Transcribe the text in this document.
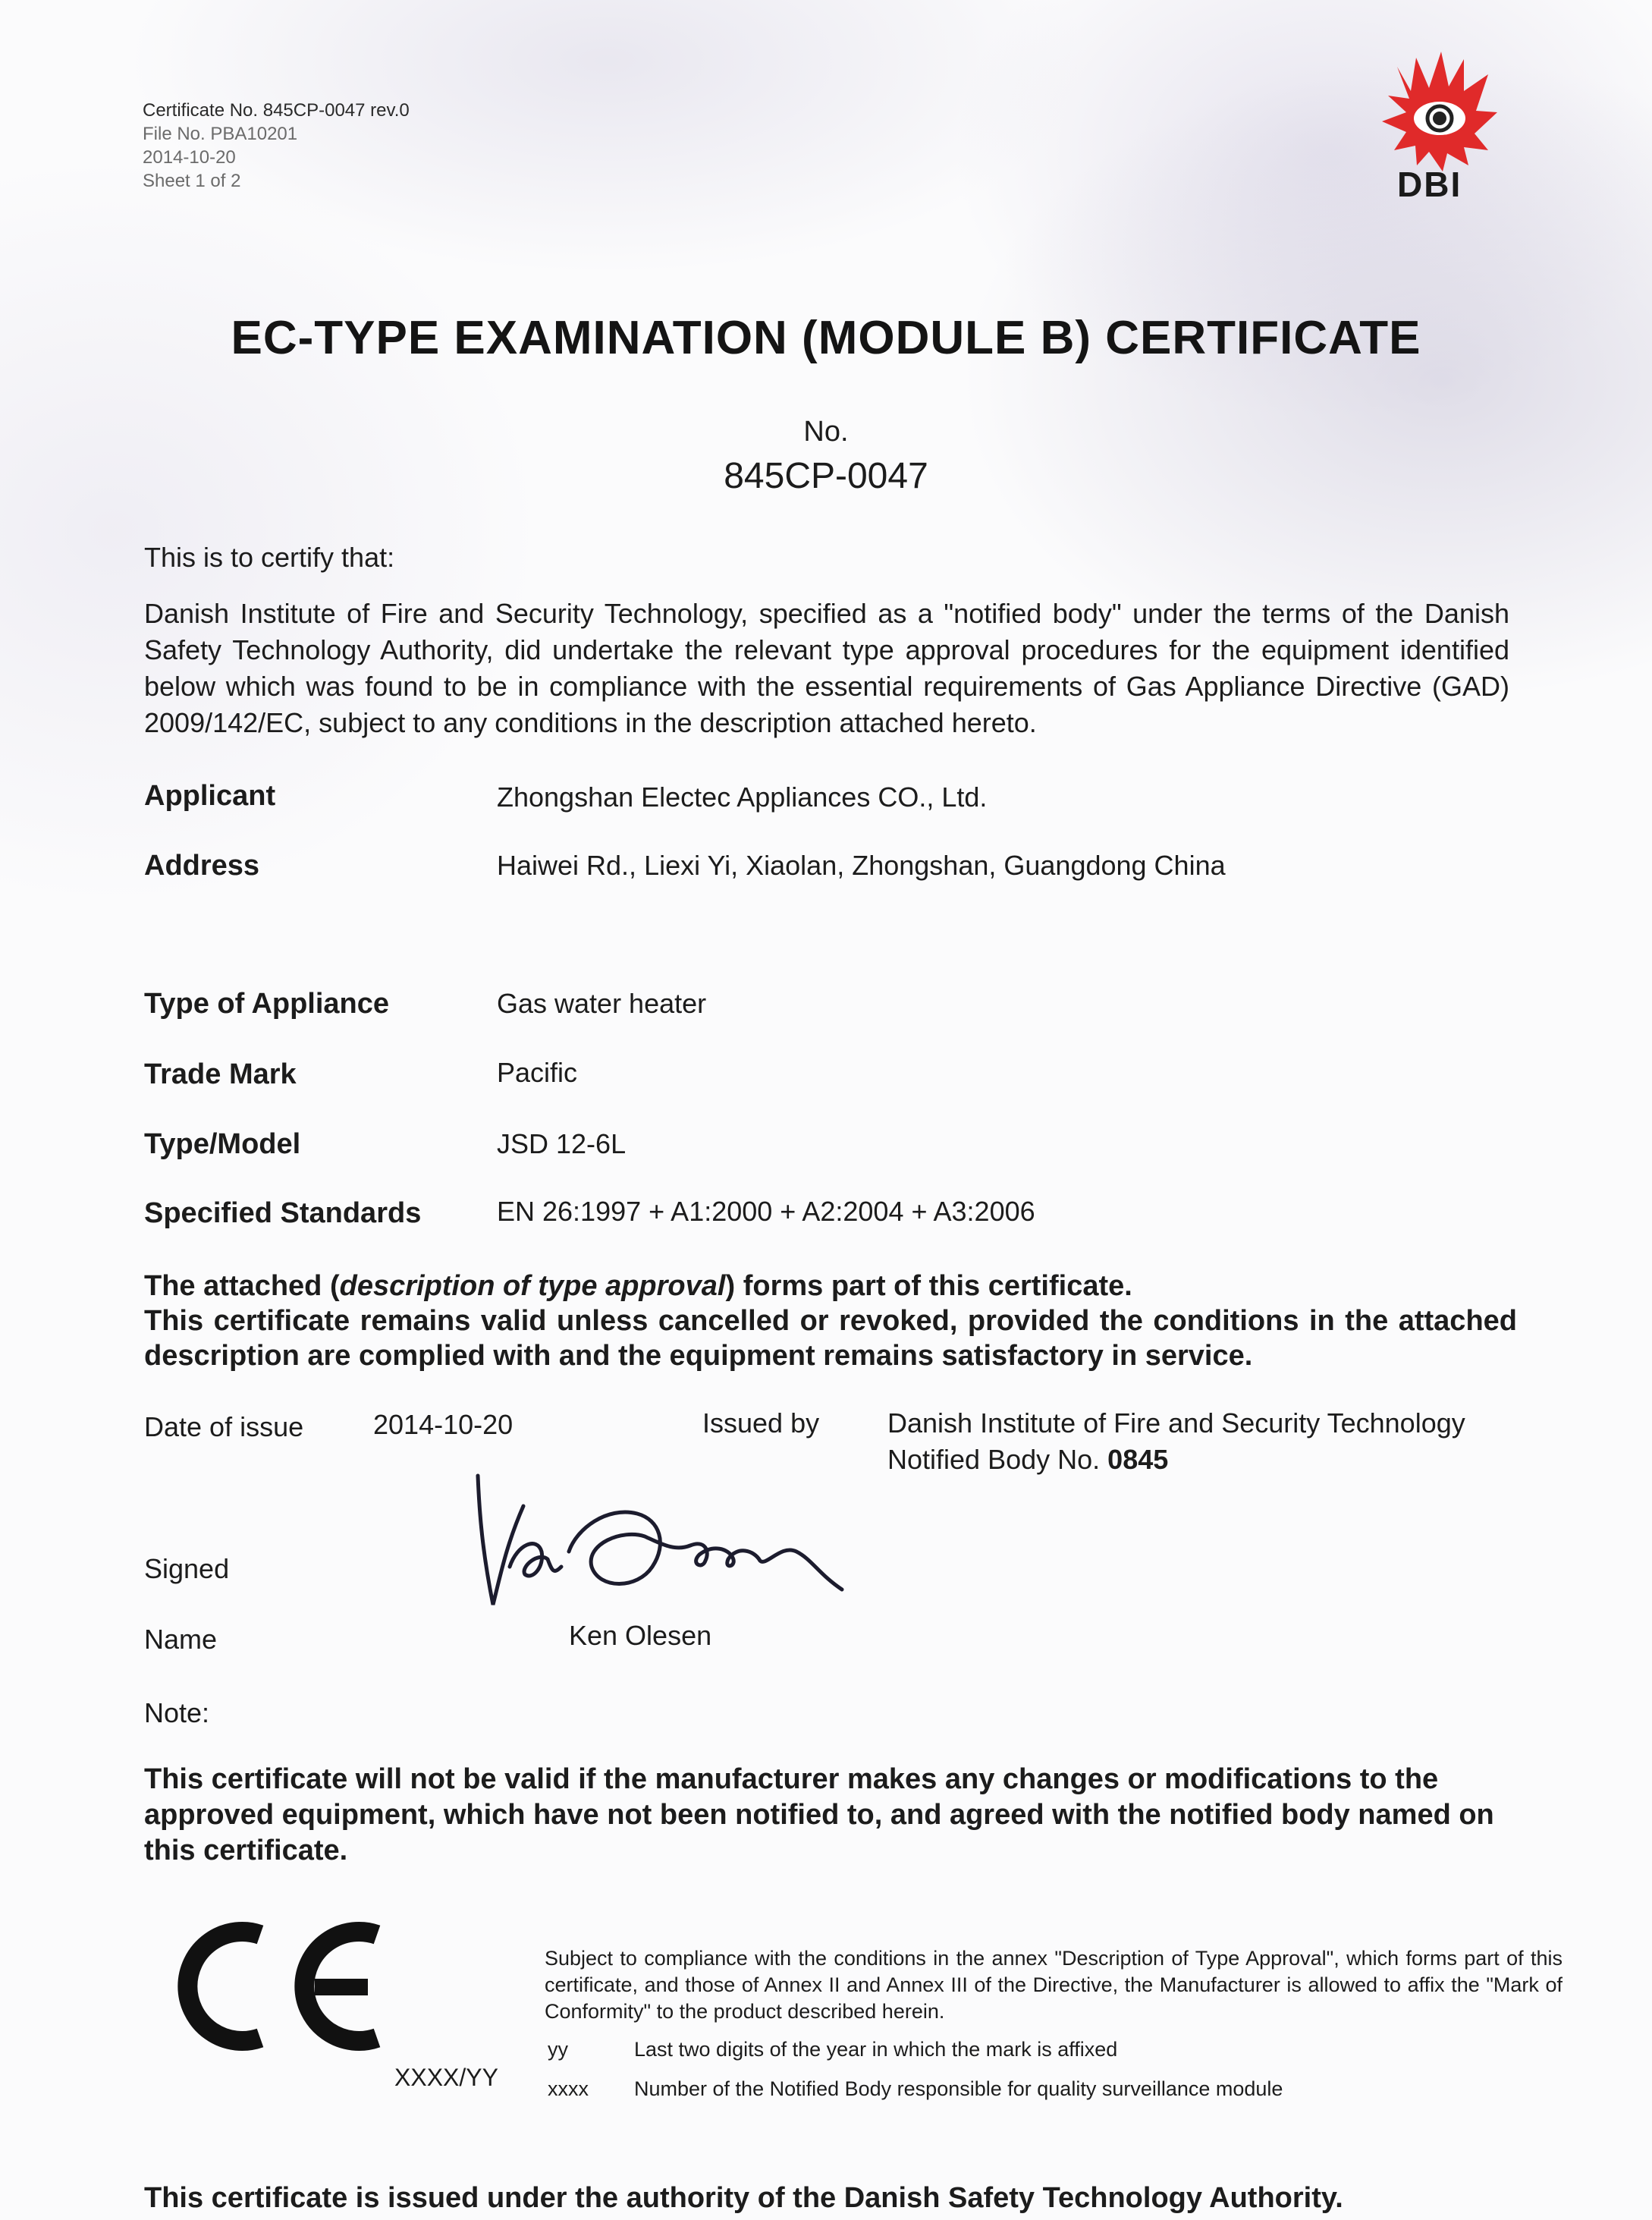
Certificate No. 845CP-0047 rev.0
File No. PBA10201
2014-10-20
Sheet 1 of 2	DBI
EC-TYPE EXAMINATION (MODULE B) CERTIFICATE
No.
845CP-0047
This is to certify that:
Danish Institute of Fire and Security Technology, specified as a "notified body" under the terms of the Danish Safety Technology Authority, did undertake the relevant type approval procedures for the equipment identified below which was found to be in compliance with the essential requirements of Gas Appliance Directive (GAD) 2009/142/EC, subject to any conditions in the description attached hereto.
Applicant	Zhongshan Electec Appliances CO., Ltd.
Address	Haiwei Rd., Liexi Yi, Xiaolan, Zhongshan, Guangdong China
Type of Appliance	Gas water heater
Trade Mark	Pacific
Type/Model	JSD 12-6L
Specified Standards	EN 26:1997 + A1:2000 + A2:2004 + A3:2006
The attached (description of type approval) forms part of this certificate.
This certificate remains valid unless cancelled or revoked, provided the conditions in the attached description are complied with and the equipment remains satisfactory in service.
Date of issue	2014-10-20	Issued by Danish Institute of Fire and Security Technology
Notified Body No. 0845
Signed
Name	Ken Olesen
Note:
This certificate will not be valid if the manufacturer makes any changes or modifications to the approved equipment, which have not been notified to, and agreed with the notified body named on this certificate.
XXXX/YY
Subject to compliance with the conditions in the annex "Description of Type Approval", which forms part of this certificate, and those of Annex II and Annex III of the Directive, the Manufacturer is allowed to affix the "Mark of Conformity" to the product described herein.
yy	Last two digits of the year in which the mark is affixed
xxxx Number of the Notified Body responsible for quality surveillance module
This certificate is issued under the authority of the Danish Safety Technology Authority.
